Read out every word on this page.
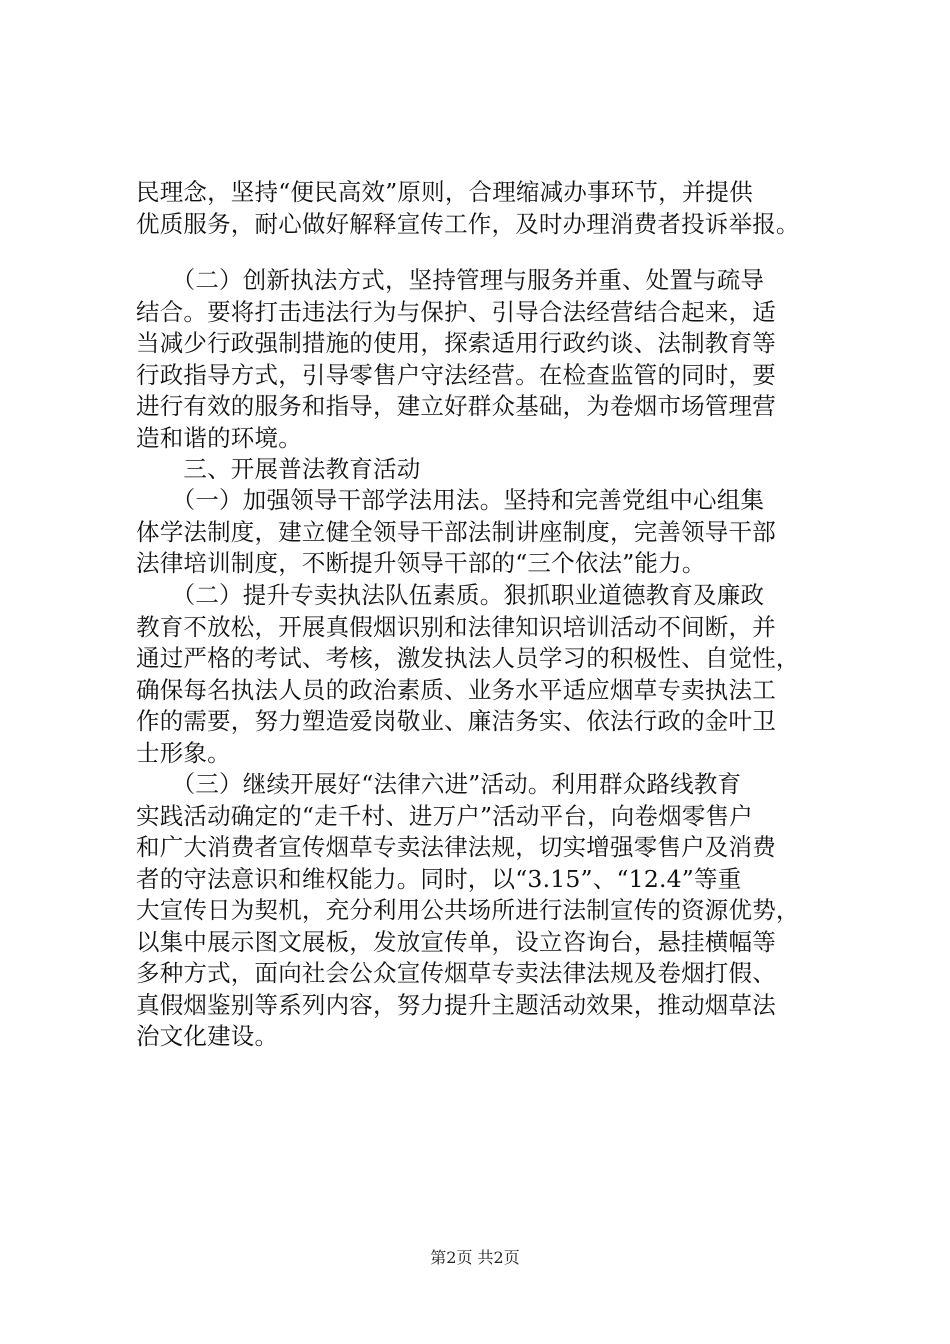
民理念，坚持“便民高效”原则，合理缩减办事环节，并提供
优质服务，耐心做好解释宣传工作，及时办理消费者投诉举报。
　　（二）创新执法方式，坚持管理与服务并重、处置与疏导
结合。要将打击违法行为与保护、引导合法经营结合起来，适
当减少行政强制措施的使用，探索适用行政约谈、法制教育等
行政指导方式，引导零售户守法经营。在检查监管的同时，要
进行有效的服务和指导，建立好群众基础，为卷烟市场管理营
造和谐的环境。
　　三、开展普法教育活动
　　（一）加强领导干部学法用法。坚持和完善党组中心组集
体学法制度，建立健全领导干部法制讲座制度，完善领导干部
法律培训制度，不断提升领导干部的“三个依法”能力。
　　（二）提升专卖执法队伍素质。狠抓职业道德教育及廉政
教育不放松，开展真假烟识别和法律知识培训活动不间断，并
通过严格的考试、考核，激发执法人员学习的积极性、自觉性，
确保每名执法人员的政治素质、业务水平适应烟草专卖执法工
作的需要，努力塑造爱岗敬业、廉洁务实、依法行政的金叶卫
士形象。
　　（三）继续开展好“法律六进”活动。利用群众路线教育
实践活动确定的“走千村、进万户”活动平台，向卷烟零售户
和广大消费者宣传烟草专卖法律法规，切实增强零售户及消费
者的守法意识和维权能力。同时，以“3.15”、“12.4”等重
大宣传日为契机，充分利用公共场所进行法制宣传的资源优势，
以集中展示图文展板，发放宣传单，设立咨询台，悬挂横幅等
多种方式，面向社会公众宣传烟草专卖法律法规及卷烟打假、
真假烟鉴别等系列内容，努力提升主题活动效果，推动烟草法
治文化建设。
第2页 共2页
